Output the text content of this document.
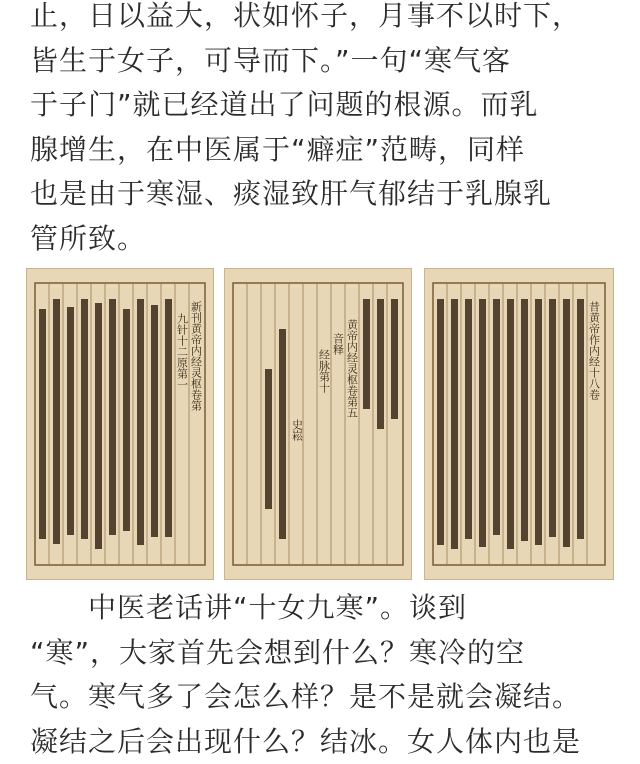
止，日以益大，状如怀子，月事不以时下，
皆生于女子，可导而下。”一句“寒气客
于子门”就已经道出了问题的根源。而乳
腺增生，在中医属于“癖症”范畴，同样
也是由于寒湿、痰湿致肝气郁结于乳腺乳
管所致。
新刊黄帝内经灵枢卷第
九针十二原第一	黄帝内经灵枢卷第五
音释
经脉第十
史崧
昔黄帝作内经十八卷
　　中医老话讲“十女九寒”。谈到
“寒”，大家首先会想到什么？寒冷的空
气。寒气多了会怎么样？是不是就会凝结。
凝结之后会出现什么？结冰。女人体内也是
